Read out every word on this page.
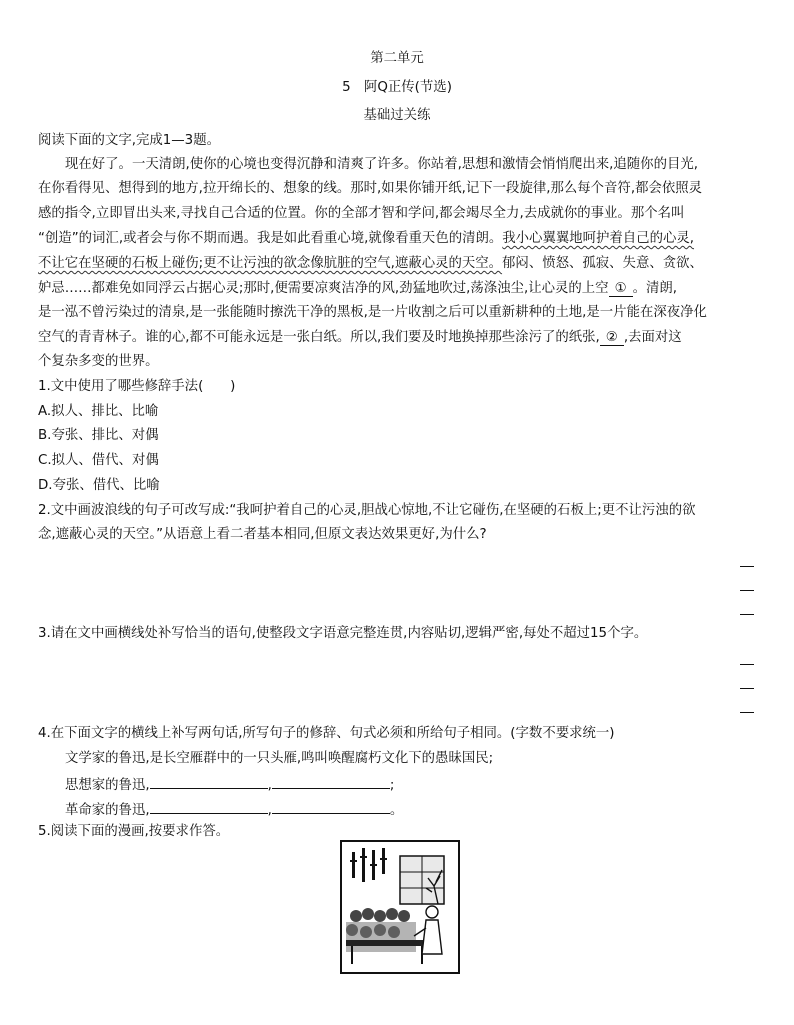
第二单元
5　阿Q正传(节选)
基础过关练
阅读下面的文字,完成1—3题。
现在好了。一天清朗,使你的心境也变得沉静和清爽了许多。你站着,思想和激情会悄悄爬出来,追随你的目光,
在你看得见、想得到的地方,拉开绵长的、想象的线。那时,如果你铺开纸,记下一段旋律,那么每个音符,都会依照灵
感的指令,立即冒出头来,寻找自己合适的位置。你的全部才智和学问,都会竭尽全力,去成就你的事业。那个名叫
“创造”的词汇,或者会与你不期而遇。我是如此看重心境,就像看重天色的清朗。我小心翼翼地呵护着自己的心灵,
不让它在坚硬的石板上碰伤;更不让污浊的欲念像肮脏的空气,遮蔽心灵的天空。郁闷、愤怒、孤寂、失意、贪欲、
妒忌……都难免如同浮云占据心灵;那时,便需要凉爽洁净的风,劲猛地吹过,荡涤浊尘,让心灵的上空 ① 。清朗,
是一泓不曾污染过的清泉,是一张能随时擦洗干净的黑板,是一片收割之后可以重新耕种的土地,是一片能在深夜净化
空气的青青林子。谁的心,都不可能永远是一张白纸。所以,我们要及时地换掉那些涂污了的纸张, ② ,去面对这
个复杂多变的世界。
1.文中使用了哪些修辞手法(　　)
A.拟人、排比、比喻
B.夸张、排比、对偶
C.拟人、借代、对偶
D.夸张、借代、比喻
2.文中画波浪线的句子可改写成:“我呵护着自己的心灵,胆战心惊地,不让它碰伤,在坚硬的石板上;更不让污浊的欲
念,遮蔽心灵的天空。”从语意上看二者基本相同,但原文表达效果更好,为什么?
3.请在文中画横线处补写恰当的语句,使整段文字语意完整连贯,内容贴切,逻辑严密,每处不超过15个字。
4.在下面文字的横线上补写两句话,所写句子的修辞、句式必须和所给句子相同。(字数不要求统一)
文学家的鲁迅,是长空雁群中的一只头雁,鸣叫唤醒腐朽文化下的愚昧国民;
思想家的鲁迅,	,	;
革命家的鲁迅,	,	。
5.阅读下面的漫画,按要求作答。
